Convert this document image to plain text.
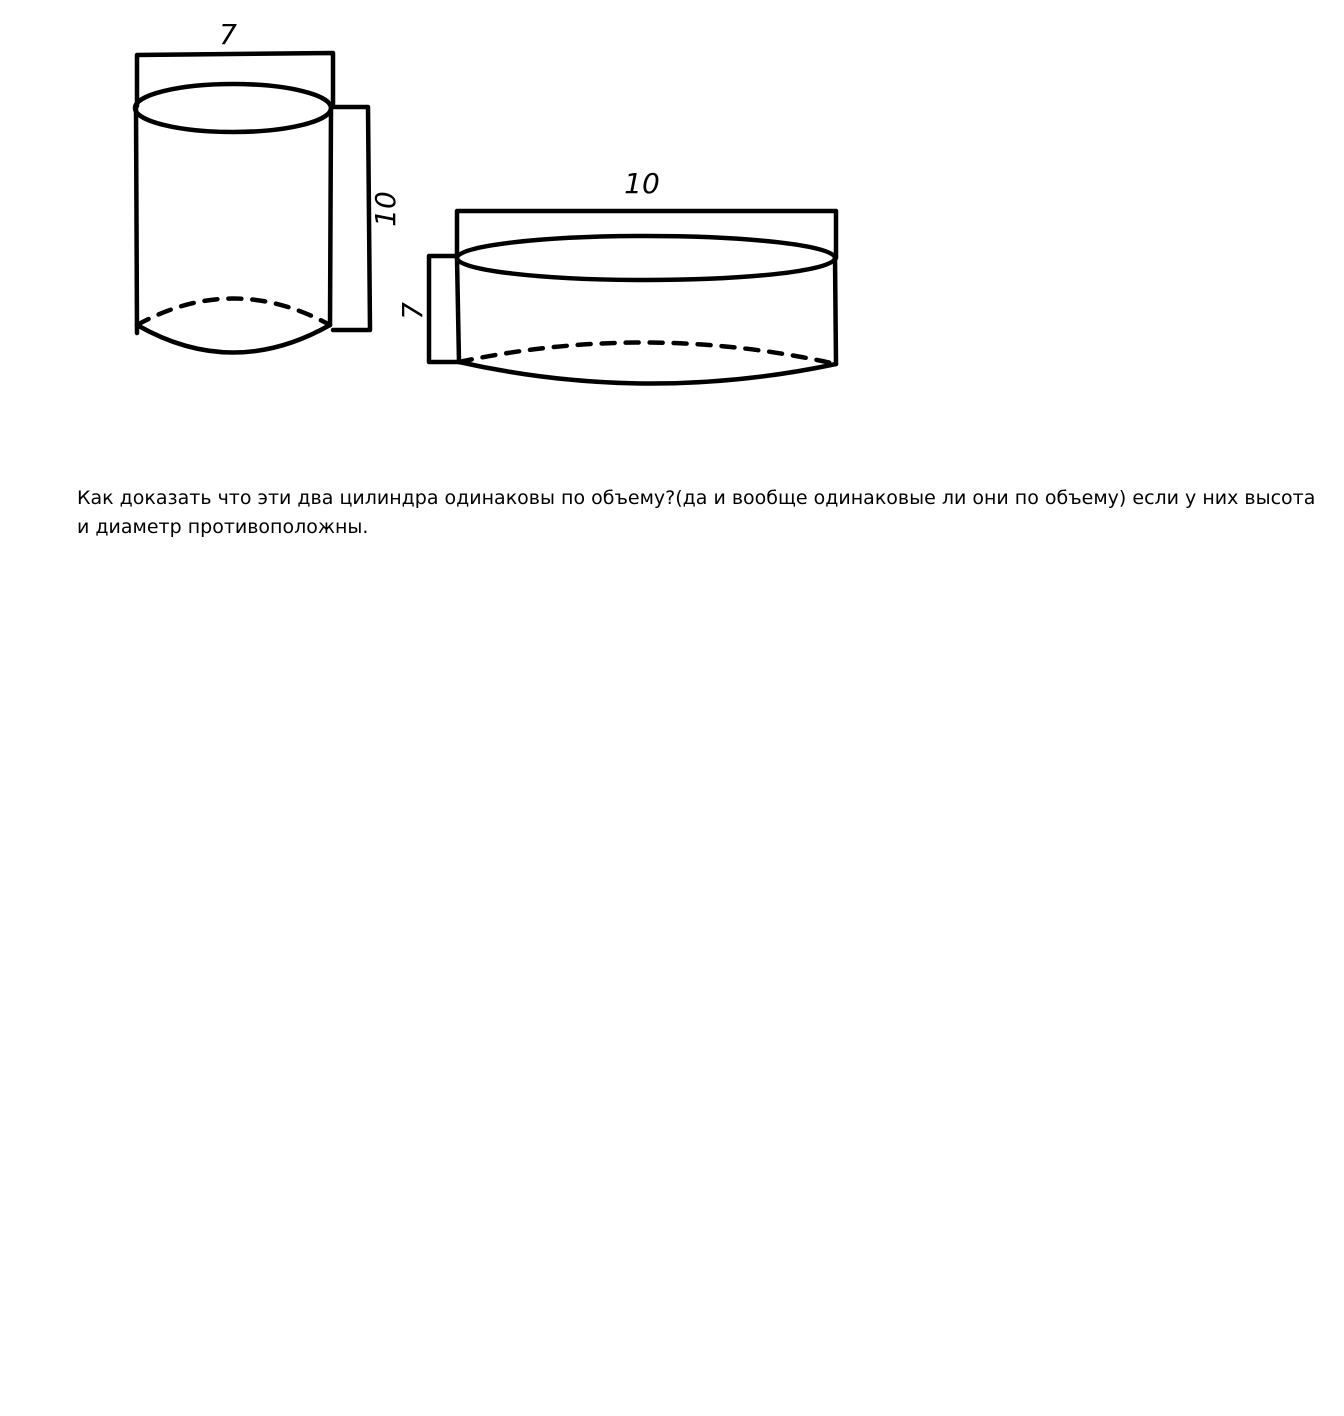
7
10
10
7

Как доказать что эти два цилиндра одинаковы по объему?(да и вообще одинаковые ли они по объему) если у них высота
и диаметр противоположны.
